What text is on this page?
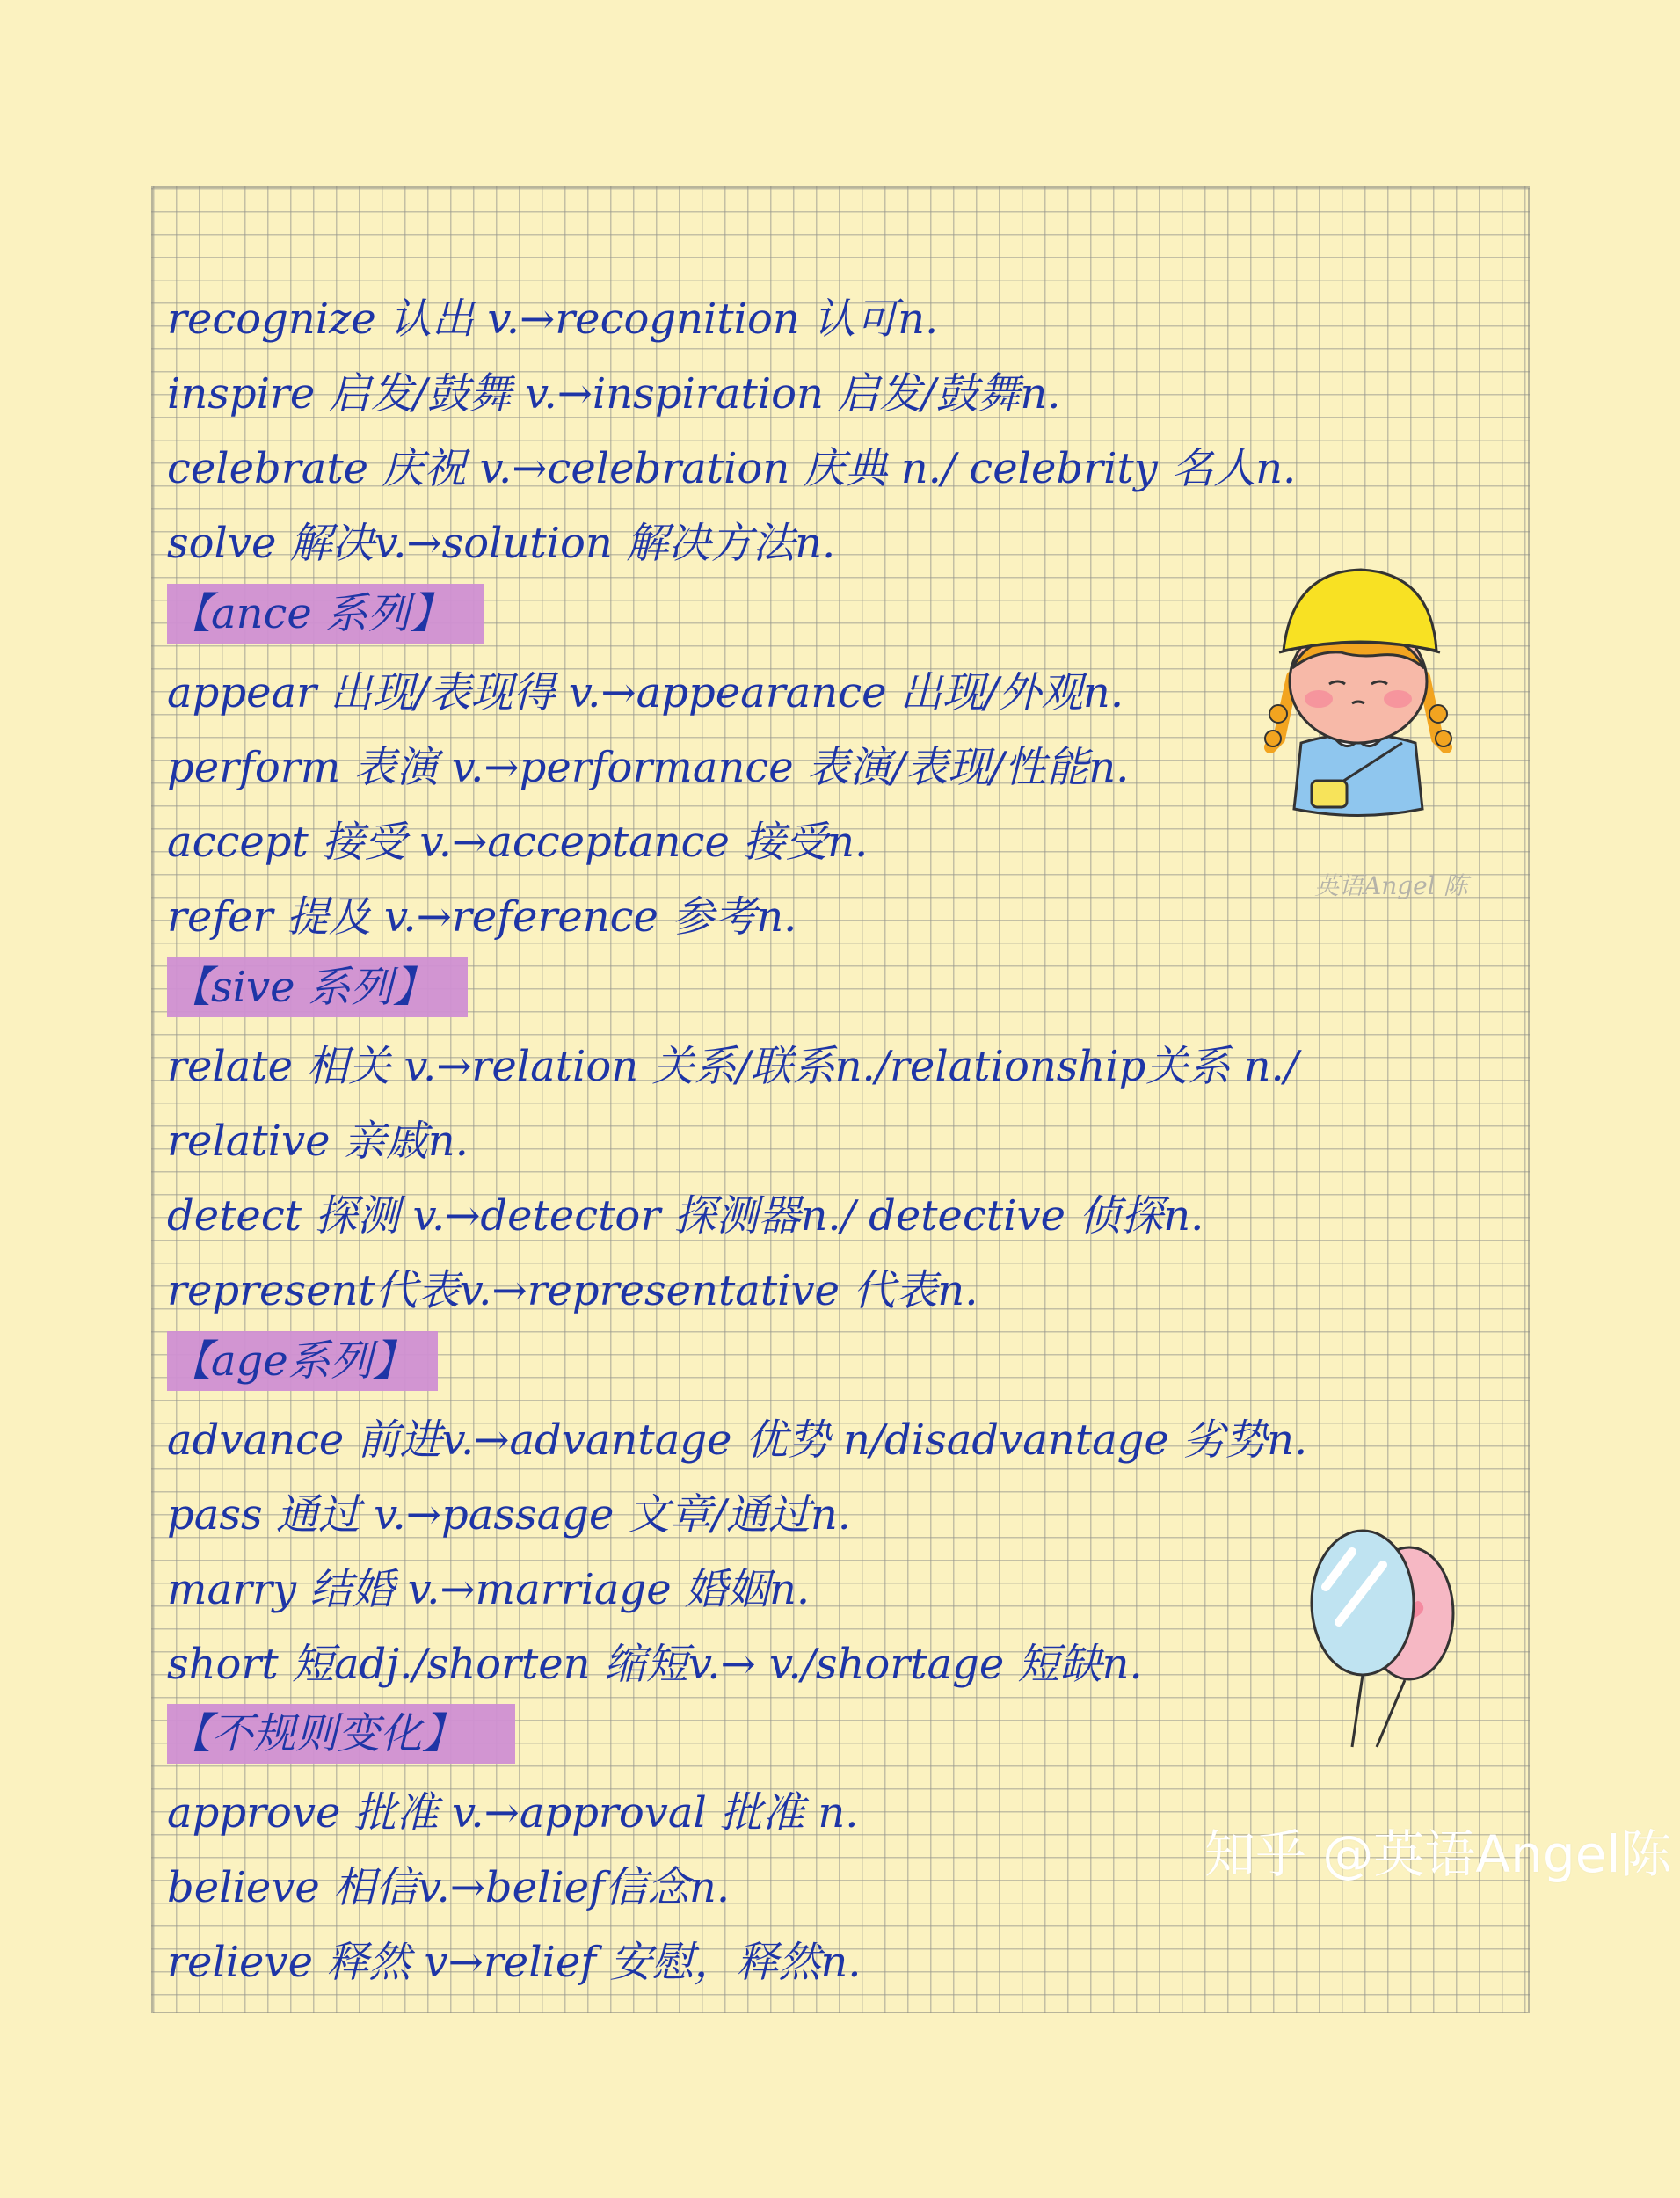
recognize 认出 v.→recognition 认可n.
inspire 启发/鼓舞 v.→inspiration 启发/鼓舞n.
celebrate 庆祝 v.→celebration 庆典 n./ celebrity 名人n.
solve 解决v.→solution 解决方法n.
【ance 系列】
appear 出现/表现得 v.→appearance 出现/外观n.
perform 表演 v.→performance 表演/表现/性能n.
accept 接受 v.→acceptance 接受n.
refer 提及 v.→reference 参考n.
【sive 系列】
relate 相关 v.→relation 关系/联系n./relationship关系 n./
relative 亲戚n.
detect 探测 v.→detector 探测器n./ detective 侦探n.
represent代表v.→representative 代表n.
【age系列】
advance 前进v.→advantage 优势 n/disadvantage 劣势n.
pass 通过 v.→passage 文章/通过n.
marry 结婚 v.→marriage 婚姻n.
short 短adj./shorten 缩短v.→ v./shortage 短缺n.
【不规则变化】
approve 批准 v.→approval 批准 n.
believe 相信v.→belief信念n.
relieve 释然 v→relief 安慰，释然n.
英语Angel 陈
知乎 @英语Angel陈
